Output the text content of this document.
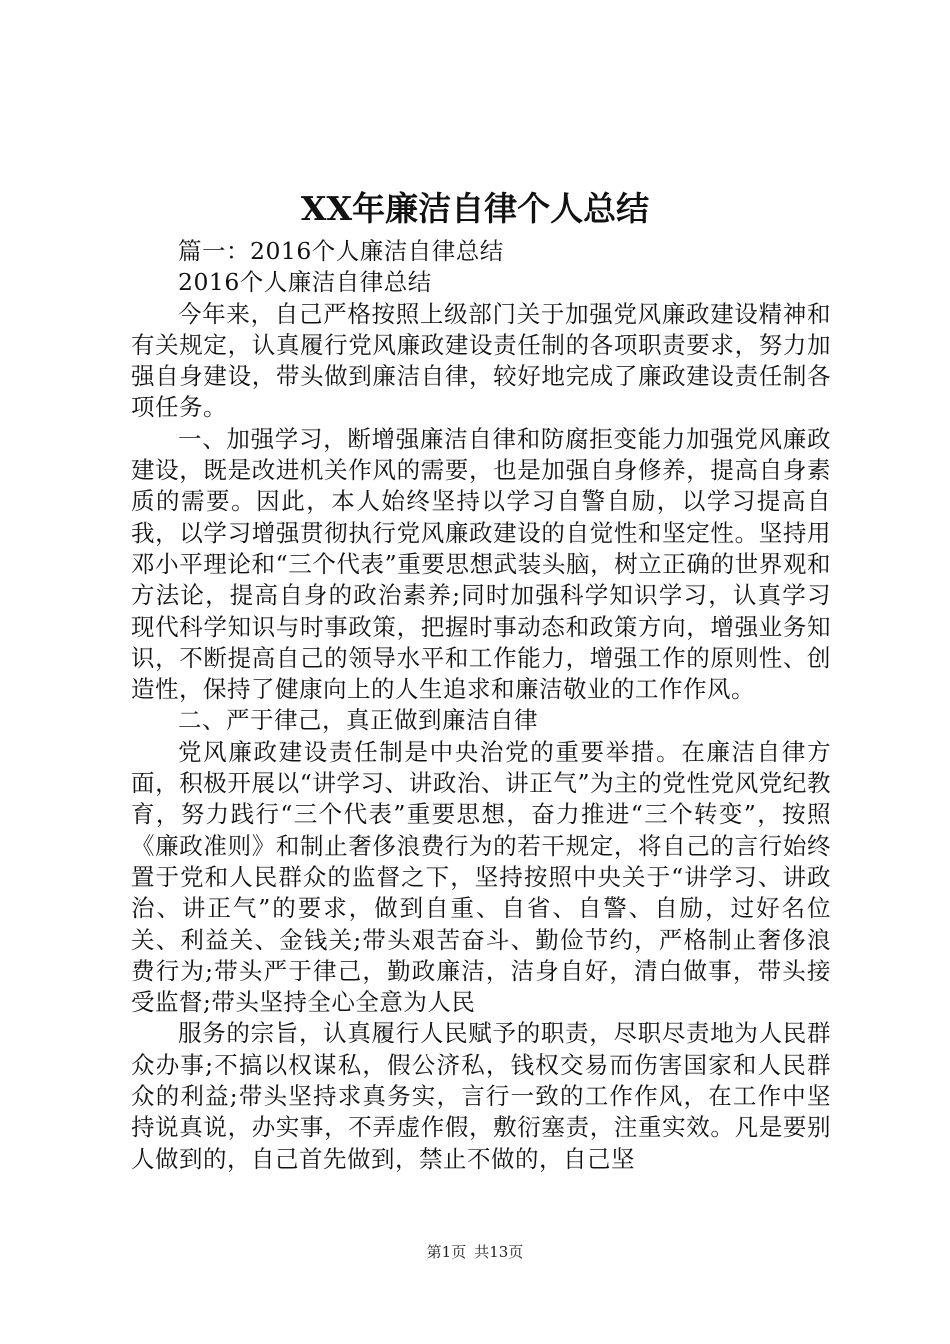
XX年廉洁自律个人总结

篇一：2016个人廉洁自律总结

2016个人廉洁自律总结

今年来，自己严格按照上级部门关于加强党风廉政建设精神和有关规定，认真履行党风廉政建设责任制的各项职责要求，努力加强自身建设，带头做到廉洁自律，较好地完成了廉政建设责任制各项任务。

一、加强学习，断增强廉洁自律和防腐拒变能力加强党风廉政建设，既是改进机关作风的需要，也是加强自身修养，提高自身素质的需要。因此，本人始终坚持以学习自警自励，以学习提高自我，以学习增强贯彻执行党风廉政建设的自觉性和坚定性。坚持用邓小平理论和“三个代表”重要思想武装头脑，树立正确的世界观和方法论，提高自身的政治素养;同时加强科学知识学习，认真学习现代科学知识与时事政策，把握时事动态和政策方向，增强业务知识，不断提高自己的领导水平和工作能力，增强工作的原则性、创造性，保持了健康向上的人生追求和廉洁敬业的工作作风。

二、严于律己，真正做到廉洁自律

党风廉政建设责任制是中央治党的重要举措。在廉洁自律方面，积极开展以“讲学习、讲政治、讲正气”为主的党性党风党纪教育，努力践行“三个代表”重要思想，奋力推进“三个转变”，按照《廉政准则》和制止奢侈浪费行为的若干规定，将自己的言行始终置于党和人民群众的监督之下，坚持按照中央关于“讲学习、讲政治、讲正气”的要求，做到自重、自省、自警、自励，过好名位关、利益关、金钱关;带头艰苦奋斗、勤俭节约，严格制止奢侈浪费行为;带头严于律己，勤政廉洁，洁身自好，清白做事，带头接受监督;带头坚持全心全意为人民

服务的宗旨，认真履行人民赋予的职责，尽职尽责地为人民群众办事;不搞以权谋私，假公济私，钱权交易而伤害国家和人民群众的利益;带头坚持求真务实，言行一致的工作作风，在工作中坚持说真说，办实事，不弄虚作假，敷衍塞责，注重实效。凡是要别人做到的，自己首先做到，禁止不做的，自己坚

第1页 共13页
